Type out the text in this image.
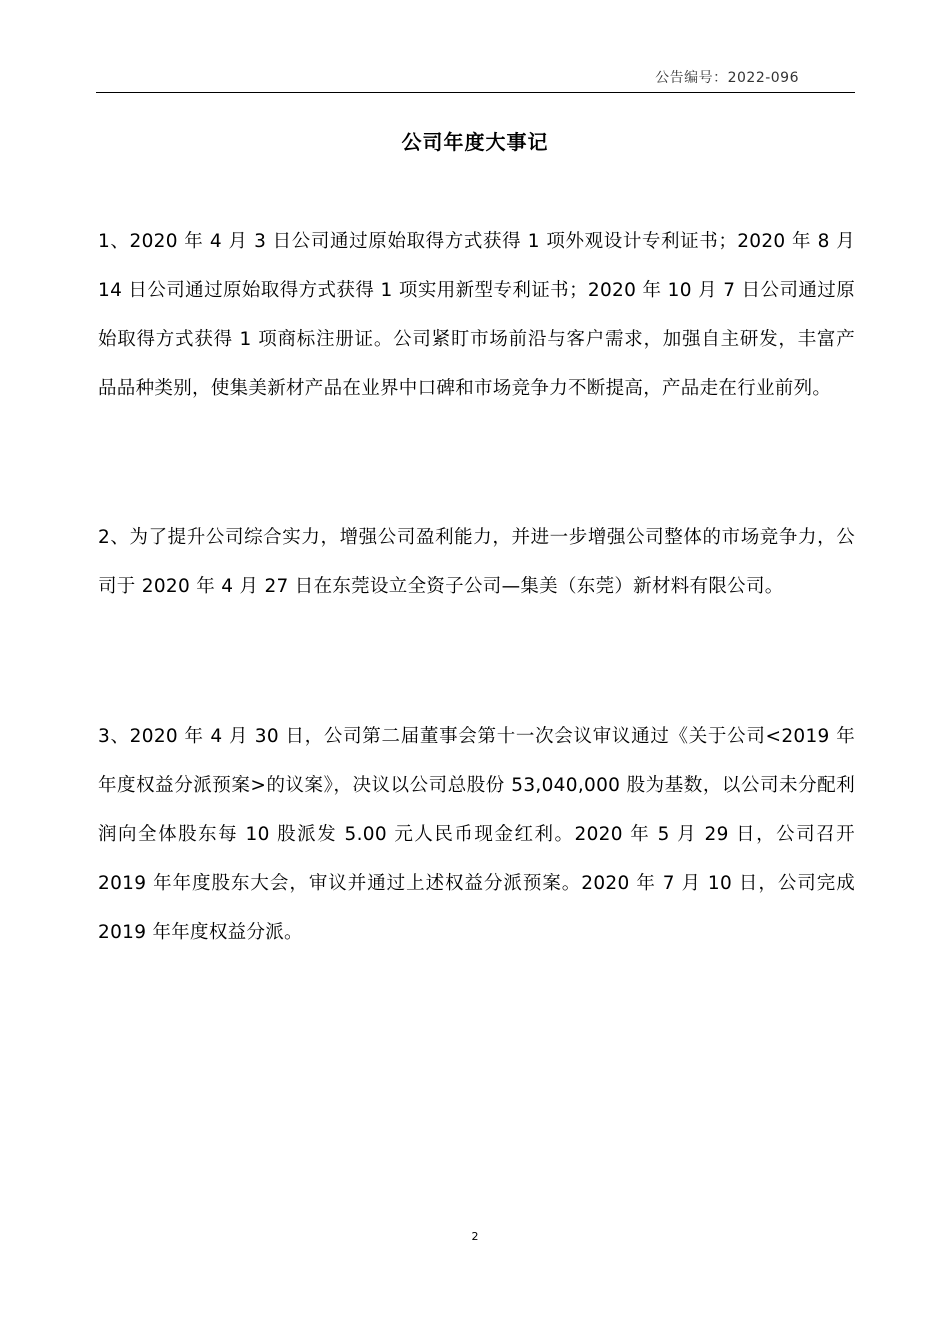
公告编号：2022-096
公司年度大事记

1、2020 年 4 月 3 日公司通过原始取得方式获得 1 项外观设计专利证书；2020 年 8 月 14 日公司通过原始取得方式获得 1 项实用新型专利证书；2020 年 10 月 7 日公司通过原始取得方式获得 1 项商标注册证。公司紧盯市场前沿与客户需求，加强自主研发，丰富产品品种类别，使集美新材产品在业界中口碑和市场竞争力不断提高，产品走在行业前列。

2、为了提升公司综合实力，增强公司盈利能力，并进一步增强公司整体的市场竞争力，公司于 2020 年 4 月 27 日在东莞设立全资子公司—集美（东莞）新材料有限公司。

3、2020 年 4 月 30 日，公司第二届董事会第十一次会议审议通过《关于公司<2019 年年度权益分派预案>的议案》，决议以公司总股份 53,040,000 股为基数，以公司未分配利润向全体股东每 10 股派发 5.00 元人民币现金红利。2020 年 5 月 29 日，公司召开 2019 年年度股东大会，审议并通过上述权益分派预案。2020 年 7 月 10 日，公司完成 2019 年年度权益分派。

2
